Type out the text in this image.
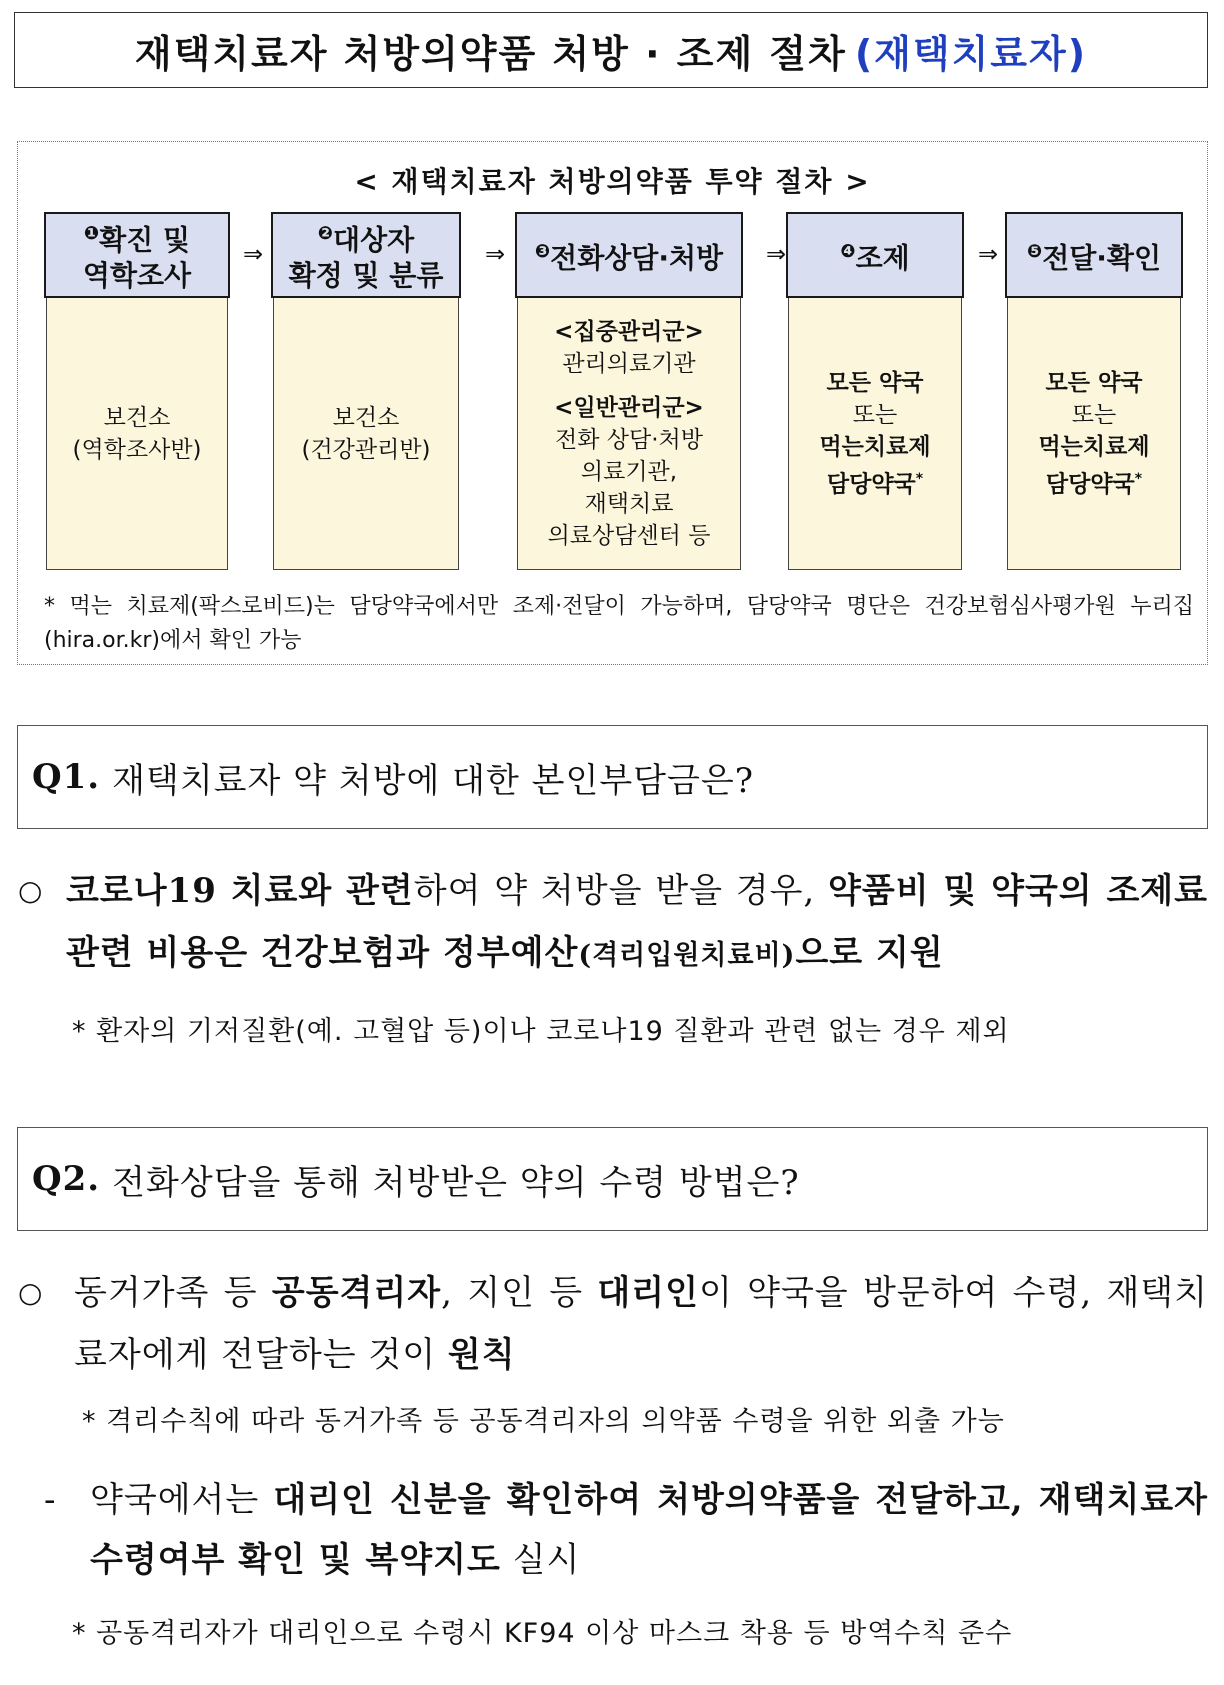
재택치료자 처방의약품 처방 · 조제 절차 (재택치료자)
< 재택치료자 처방의약품 투약 절차 >
$^❶$확진 및
역학조사
보건소
(역학조사반)
⇒
$^❷$대상자
확정 및 분류
보건소
(건강관리반)
⇒ $^❸$전화상담·처방
<집중관리군>
관리의료기관
<일반관리군>
전화 상담·처방
의료기관,
재택치료
의료상담센터 등
⇒	$^❹$조제
모든 약국
또는
먹는치료제
담당약국*
⇒ $^❺$전달·확인
모든 약국
또는
먹는치료제
담당약국*
* 먹는 치료제(팍스로비드)는 담당약국에서만 조제·전달이 가능하며, 담당약국 명단은 건강보험심사평가원 누리집(hira.or.kr)에서 확인 가능
Q1. 재택치료자 약 처방에 대한 본인부담금은?
○ 코로나19 치료와 관련하여 약 처방을 받을 경우, 약품비 및 약국의 조제료 관련 비용은 건강보험과 정부예산(격리입원치료비)으로 지원
* 환자의 기저질환(예. 고혈압 등)이나 코로나19 질환과 관련 없는 경우 제외
Q2. 전화상담을 통해 처방받은 약의 수령 방법은?
○ 동거가족 등 공동격리자, 지인 등 대리인이 약국을 방문하여 수령, 재택치료자에게 전달하는 것이 원칙
* 격리수칙에 따라 동거가족 등 공동격리자의 의약품 수령을 위한 외출 가능
- 약국에서는 대리인 신분을 확인하여 처방의약품을 전달하고, 재택치료자 수령여부 확인 및 복약지도 실시
* 공동격리자가 대리인으로 수령시 KF94 이상 마스크 착용 등 방역수칙 준수
